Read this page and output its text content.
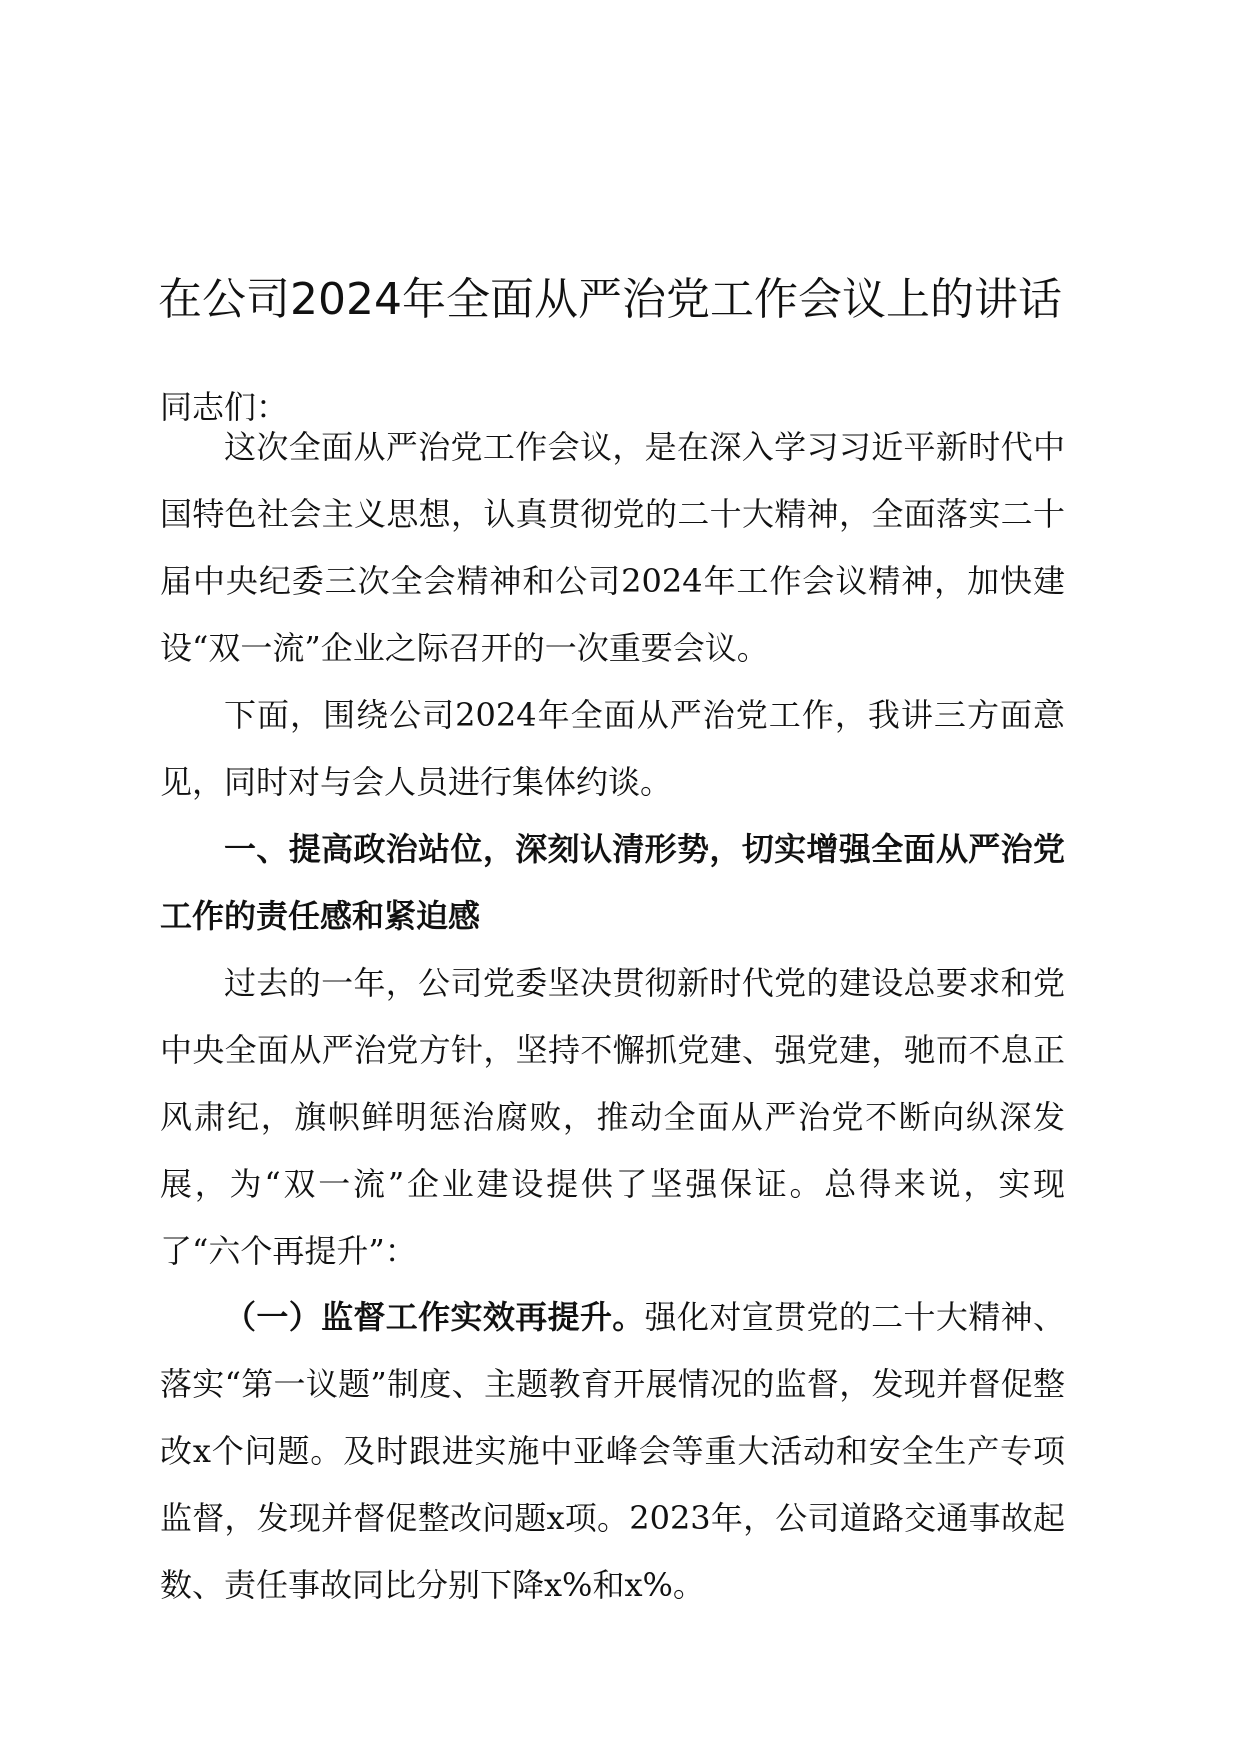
在公司2024年全面从严治党工作会议上的讲话

同志们：

这次全面从严治党工作会议，是在深入学习习近平新时代中国特色社会主义思想，认真贯彻党的二十大精神，全面落实二十届中央纪委三次全会精神和公司2024年工作会议精神，加快建设“双一流”企业之际召开的一次重要会议。

下面，围绕公司2024年全面从严治党工作，我讲三方面意见，同时对与会人员进行集体约谈。

一、提高政治站位，深刻认清形势，切实增强全面从严治党工作的责任感和紧迫感

过去的一年，公司党委坚决贯彻新时代党的建设总要求和党中央全面从严治党方针，坚持不懈抓党建、强党建，驰而不息正风肃纪，旗帜鲜明惩治腐败，推动全面从严治党不断向纵深发展，为“双一流”企业建设提供了坚强保证。总得来说，实现了“六个再提升”：

（一）监督工作实效再提升。强化对宣贯党的二十大精神、落实“第一议题”制度、主题教育开展情况的监督，发现并督促整改x个问题。及时跟进实施中亚峰会等重大活动和安全生产专项监督，发现并督促整改问题x项。2023年，公司道路交通事故起数、责任事故同比分别下降x%和x%。
